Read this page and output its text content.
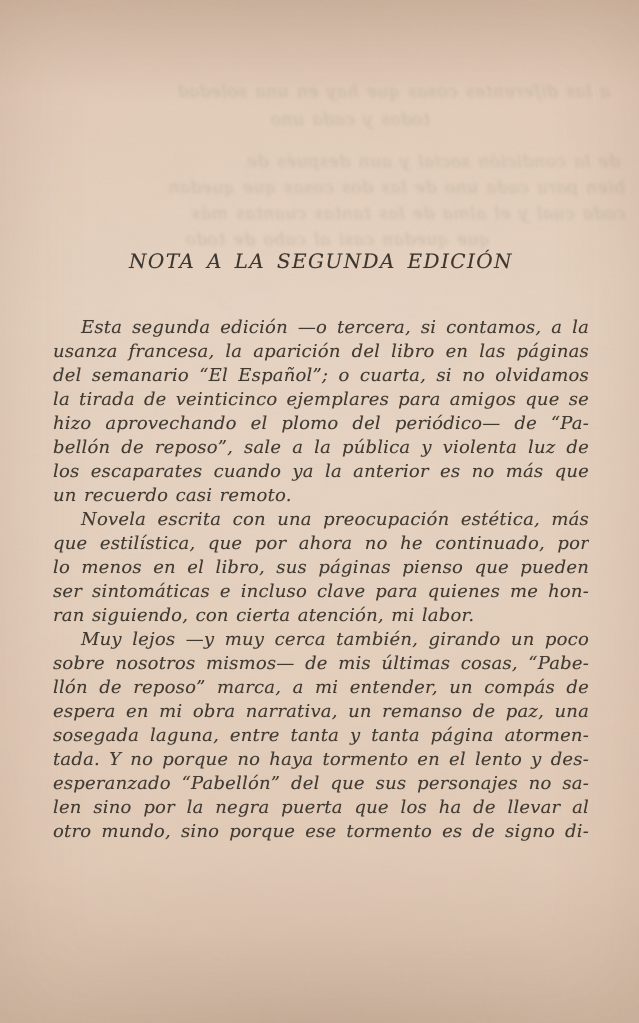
a las diferentes cosas que hay en una soledad
todos y cada uno
de la condición social y aun después de
bien para cada uno de las dos cosas que quedan
cada cual y el alma de las tantas cuantas más
que quedan casi al cabo de todo
NOTA A LA SEGUNDA EDICIÓN
Esta segunda edición —o tercera, si contamos, a la
usanza francesa, la aparición del libro en las páginas
del semanario “El Español”; o cuarta, si no olvidamos
la tirada de veinticinco ejemplares para amigos que se
hizo aprovechando el plomo del periódico— de “Pa-
bellón de reposo”, sale a la pública y violenta luz de
los escaparates cuando ya la anterior es no más que
un recuerdo casi remoto.
Novela escrita con una preocupación estética, más
que estilística, que por ahora no he continuado, por
lo menos en el libro, sus páginas pienso que pueden
ser sintomáticas e incluso clave para quienes me hon-
ran siguiendo, con cierta atención, mi labor.
Muy lejos —y muy cerca también, girando un poco
sobre nosotros mismos— de mis últimas cosas, “Pabe-
llón de reposo” marca, a mi entender, un compás de
espera en mi obra narrativa, un remanso de paz, una
sosegada laguna, entre tanta y tanta página atormen-
tada. Y no porque no haya tormento en el lento y des-
esperanzado “Pabellón” del que sus personajes no sa-
len sino por la negra puerta que los ha de llevar al
otro mundo, sino porque ese tormento es de signo di-
